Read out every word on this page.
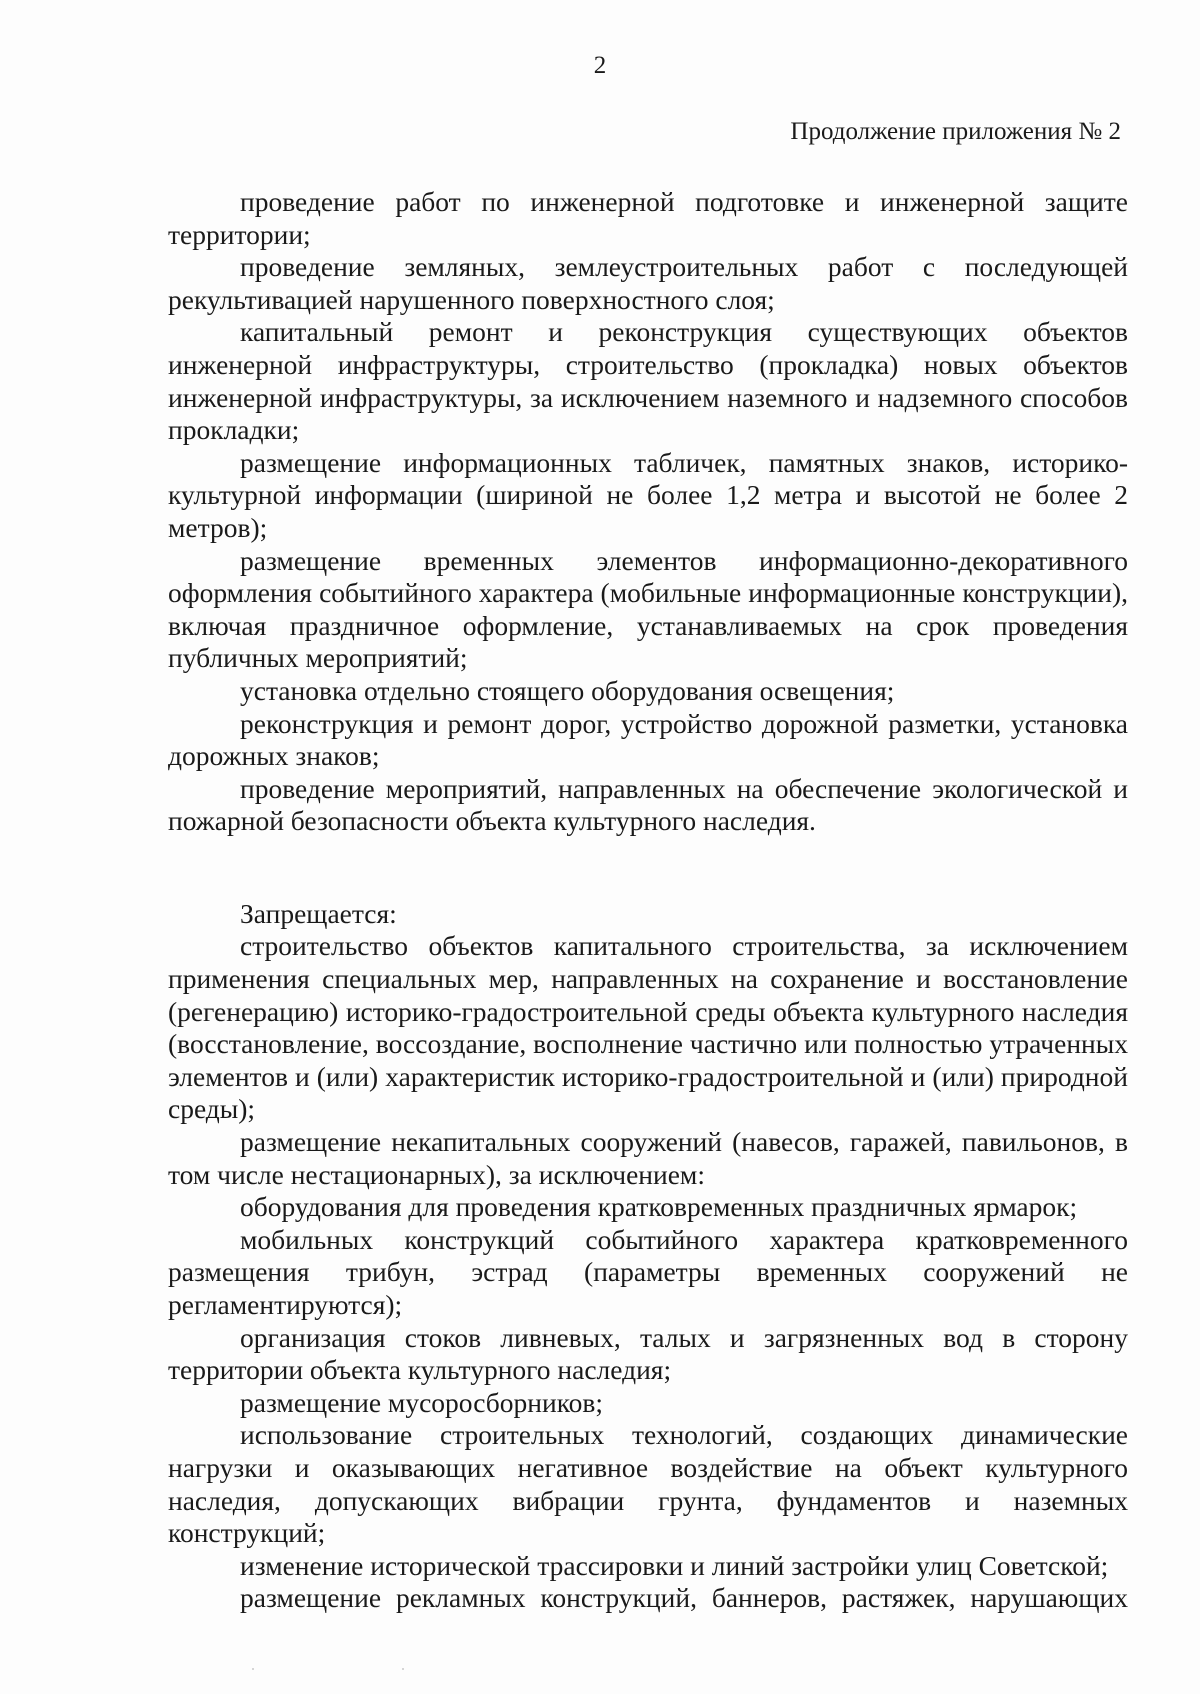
2
Продолжение приложения № 2

проведение работ по инженерной подготовке и инженерной защите территории;

проведение земляных, землеустроительных работ с последующей рекультивацией нарушенного поверхностного слоя;

капитальный ремонт и реконструкция существующих объектов инженерной инфраструктуры, строительство (прокладка) новых объектов инженерной инфраструктуры, за исключением наземного и надземного способов прокладки;

размещение информационных табличек, памятных знаков, историко-культурной информации (шириной не более 1,2 метра и высотой не более 2 метров);

размещение временных элементов информационно-декоративного оформления событийного характера (мобильные информационные конструкции), включая праздничное оформление, устанавливаемых на срок проведения публичных мероприятий;

установка отдельно стоящего оборудования освещения;

реконструкция и ремонт дорог, устройство дорожной разметки, установка дорожных знаков;

проведение мероприятий, направленных на обеспечение экологической и пожарной безопасности объекта культурного наследия.

Запрещается:

строительство объектов капитального строительства, за исключением применения специальных мер, направленных на сохранение и восстановление (регенерацию) историко-градостроительной среды объекта культурного наследия (восстановление, воссоздание, восполнение частично или полностью утраченных элементов и (или) характеристик историко-градостроительной и (или) природной среды);

размещение некапитальных сооружений (навесов, гаражей, павильонов, в том числе нестационарных), за исключением:

оборудования для проведения кратковременных праздничных ярмарок;

мобильных конструкций событийного характера кратковременного размещения трибун, эстрад (параметры временных сооружений не регламентируются);

организация стоков ливневых, талых и загрязненных вод в сторону территории объекта культурного наследия;

размещение мусоросборников;

использование строительных технологий, создающих динамические нагрузки и оказывающих негативное воздействие на объект культурного наследия, допускающих вибрации грунта, фундаментов и наземных конструкций;

изменение исторической трассировки и линий застройки улиц Советской;

размещение рекламных конструкций, баннеров, растяжек, нарушающих
